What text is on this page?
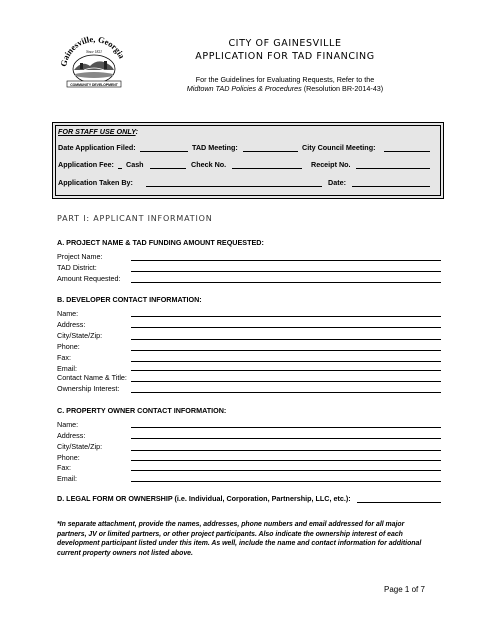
Gainesville, Georgia
Since 1821
COMMUNITY DEVELOPMENT
CITY OF GAINESVILLE
APPLICATION FOR TAD FINANCING
For the Guidelines for Evaluating Requests, Refer to the
Midtown TAD Policies & Procedures (Resolution BR-2014-43)
FOR STAFF USE ONLY:
Date Application Filed:	TAD Meeting:	City Council Meeting:
Application Fee: Cash	Check No.	Receipt No.
Application Taken By:	Date:
PART I: APPLICANT INFORMATION
A. PROJECT NAME & TAD FUNDING AMOUNT REQUESTED:
Project Name:
TAD District:
Amount Requested:
B. DEVELOPER CONTACT INFORMATION:
Name:
Address:
City/State/Zip:
Phone:
Fax:
Email:
Contact Name & Title:
Ownership Interest:
C. PROPERTY OWNER CONTACT INFORMATION:
Name:
Address:
City/State/Zip:
Phone:
Fax:
Email:
D. LEGAL FORM OR OWNERSHIP (i.e. Individual, Corporation, Partnership, LLC, etc.):
*In separate attachment, provide the names, addresses, phone numbers and email addressed for all major
partners, JV or limited partners, or other project participants. Also indicate the ownership interest of each
development participant listed under this item. As well, include the name and contact information for additional
current property owners not listed above.
Page 1 of 7
